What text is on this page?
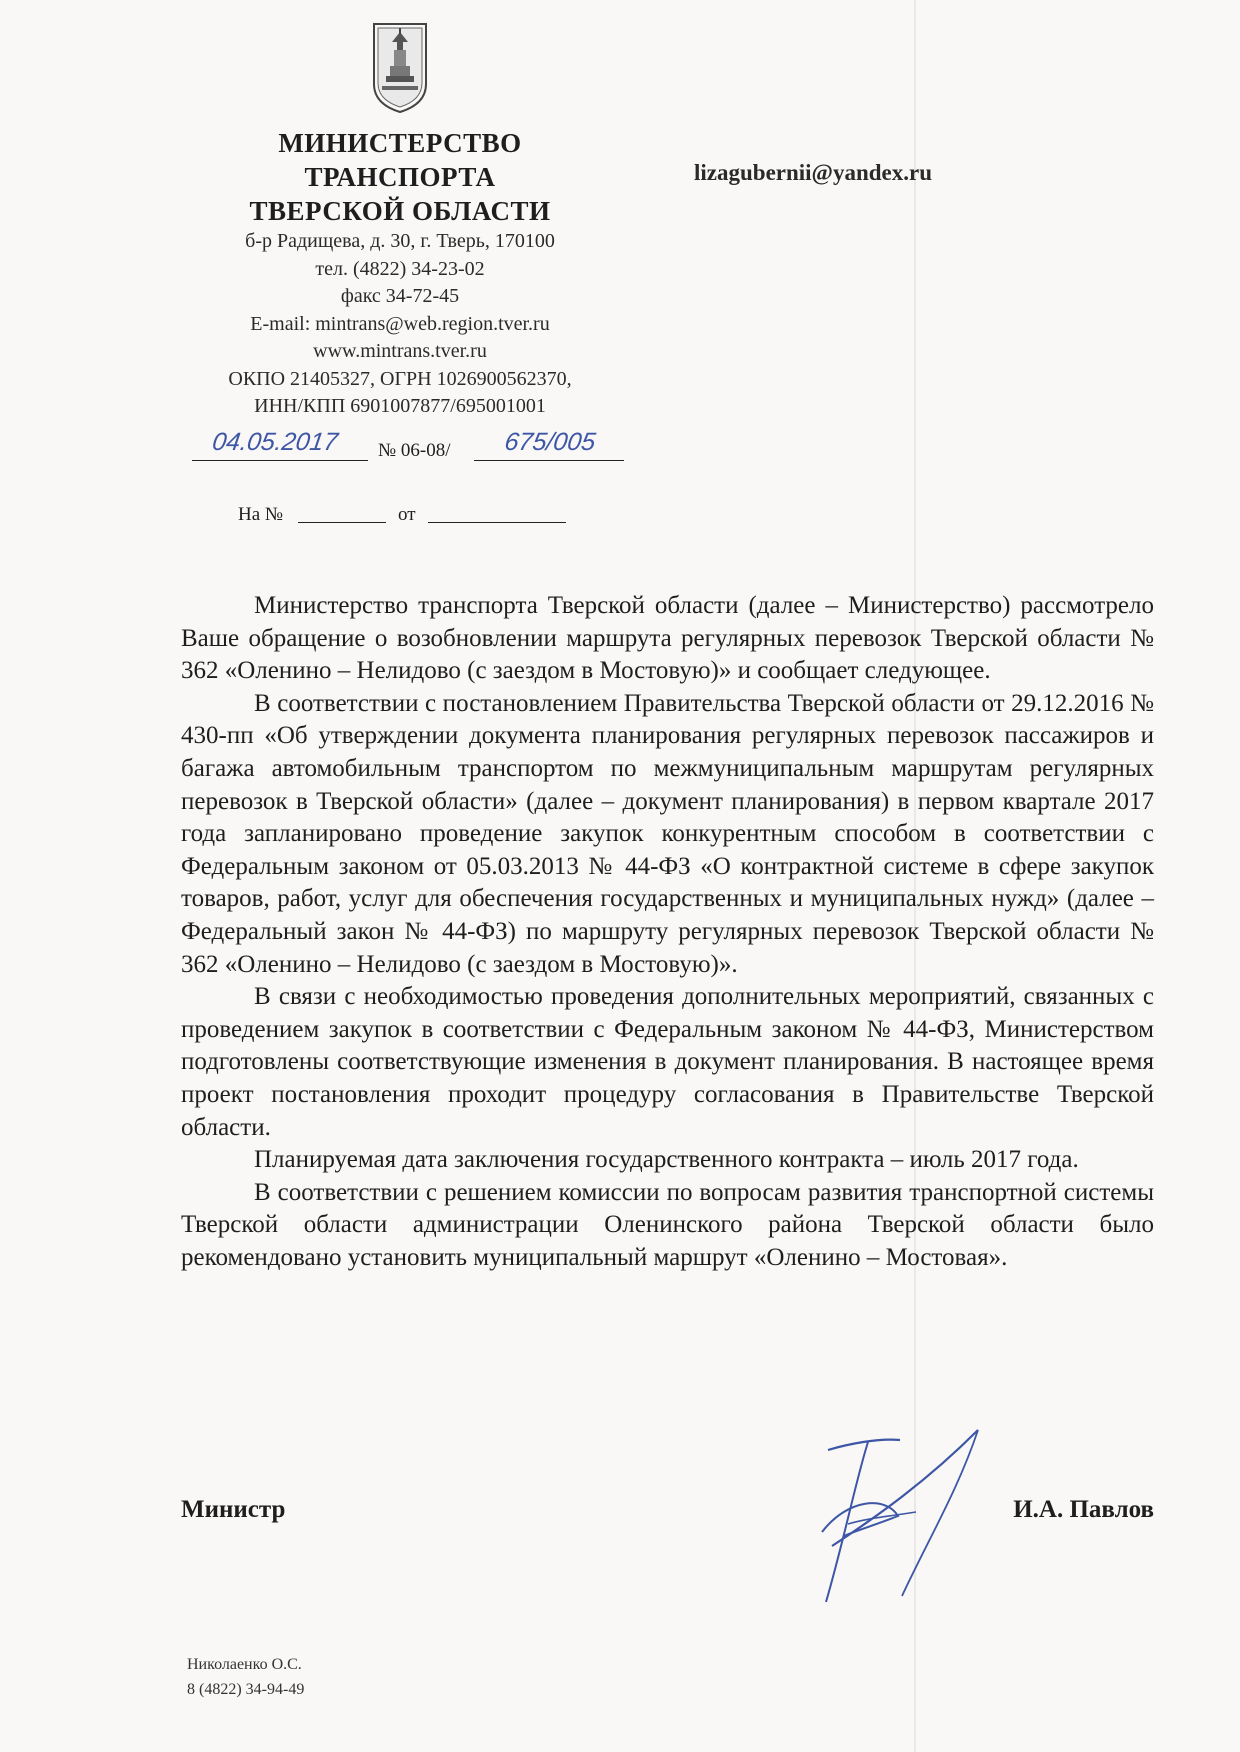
МИНИСТЕРСТВО

ТРАНСПОРТА

ТВЕРСКОЙ ОБЛАСТИ

б-р Радищева, д. 30, г. Тверь, 170100

тел. (4822) 34-23-02

факс 34-72-45

E-mail: mintrans@web.region.tver.ru

www.mintrans.tver.ru

ОКПО 21405327, ОГРН 1026900562370,

ИНН/КПП 6901007877/695001001

04.05.2017	№ 06-08/	675/005
На №	от
lizagubernii@yandex.ru

Министерство транспорта Тверской области (далее – Министерство) рассмотрело Ваше обращение о возобновлении маршрута регулярных перевозок Тверской области № 362 «Оленино – Нелидово (с заездом в Мостовую)» и сообщает следующее.

В соответствии с постановлением Правительства Тверской области от 29.12.2016 № 430-пп «Об утверждении документа планирования регулярных перевозок пассажиров и багажа автомобильным транспортом по межмуниципальным маршрутам регулярных перевозок в Тверской области» (далее – документ планирования) в первом квартале 2017 года запланировано проведение закупок конкурентным способом в соответствии с Федеральным законом от 05.03.2013 № 44-ФЗ «О контрактной системе в сфере закупок товаров, работ, услуг для обеспечения государственных и муниципальных нужд» (далее – Федеральный закон № 44-ФЗ) по маршруту регулярных перевозок Тверской области № 362 «Оленино – Нелидово (с заездом в Мостовую)».

В связи с необходимостью проведения дополнительных мероприятий, связанных с проведением закупок в соответствии с Федеральным законом № 44-ФЗ, Министерством подготовлены соответствующие изменения в документ планирования. В настоящее время проект постановления проходит процедуру согласования в Правительстве Тверской области.

Планируемая дата заключения государственного контракта – июль 2017 года.

В соответствии с решением комиссии по вопросам развития транспортной системы Тверской области администрации Оленинского района Тверской области было рекомендовано установить муниципальный маршрут «Оленино – Мостовая».

Министр	И.А. Павлов
Николаенко О.С.
8 (4822) 34-94-49
